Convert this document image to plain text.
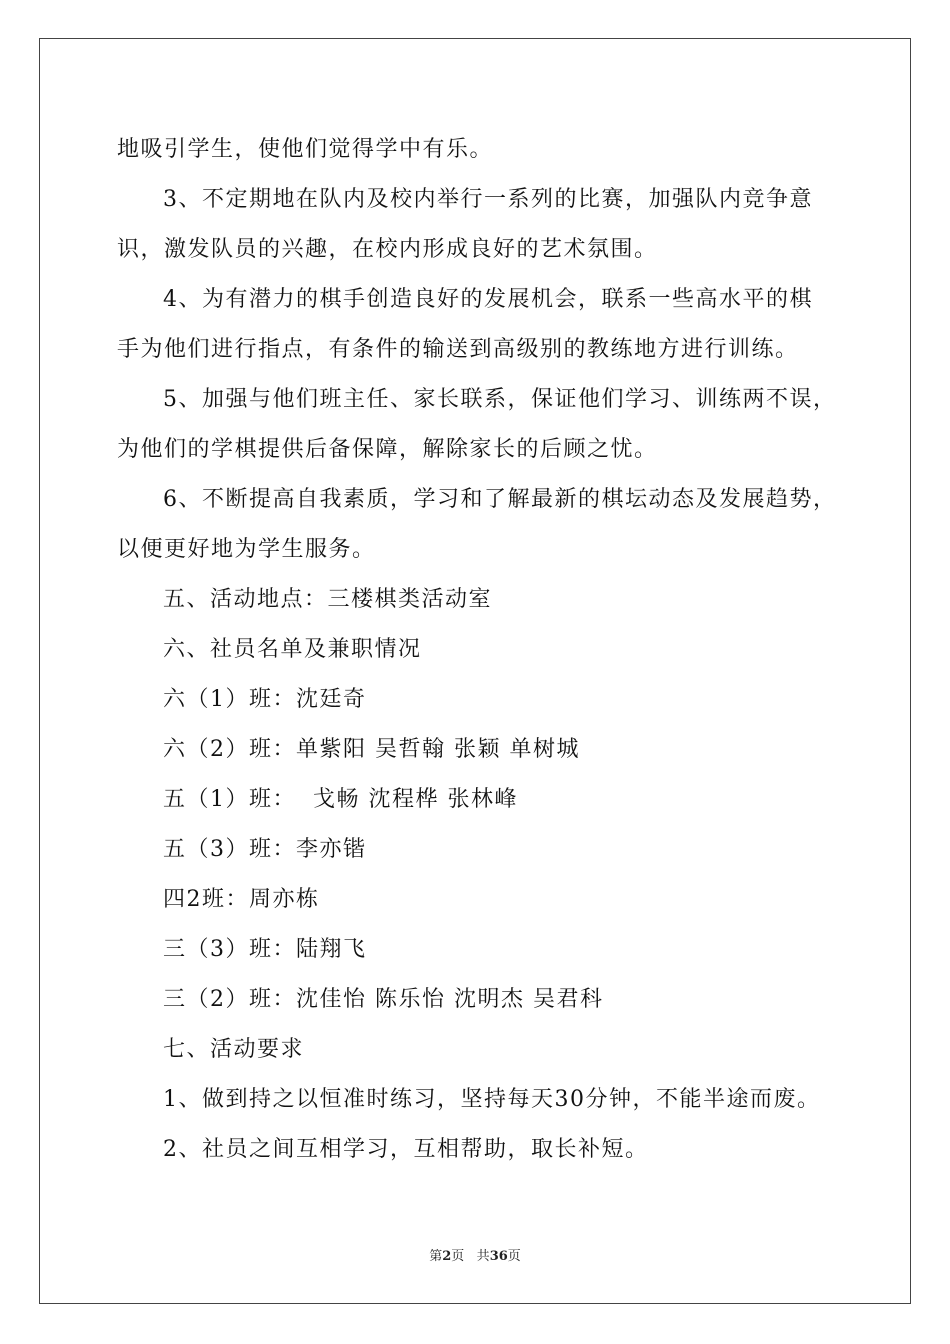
地吸引学生，使他们觉得学中有乐。
3、不定期地在队内及校内举行一系列的比赛，加强队内竞争意
识，激发队员的兴趣，在校内形成良好的艺术氛围。
4、为有潜力的棋手创造良好的发展机会，联系一些高水平的棋
手为他们进行指点，有条件的输送到高级别的教练地方进行训练。
5、加强与他们班主任、家长联系，保证他们学习、训练两不误，
为他们的学棋提供后备保障，解除家长的后顾之忧。
6、不断提高自我素质，学习和了解最新的棋坛动态及发展趋势，
以便更好地为学生服务。
五、活动地点：三楼棋类活动室
六、社员名单及兼职情况
六（1）班：沈廷奇
六（2）班：单紫阳 吴哲翰 张颖 单树城
五（1）班：  戈畅 沈程桦 张林峰
五（3）班：李亦锴
四2班：周亦栋
三（3）班：陆翔飞
三（2）班：沈佳怡 陈乐怡 沈明杰 吴君科
七、活动要求
1、做到持之以恒准时练习，坚持每天30分钟，不能半途而废。
2、社员之间互相学习，互相帮助，取长补短。
第2页 共36页
